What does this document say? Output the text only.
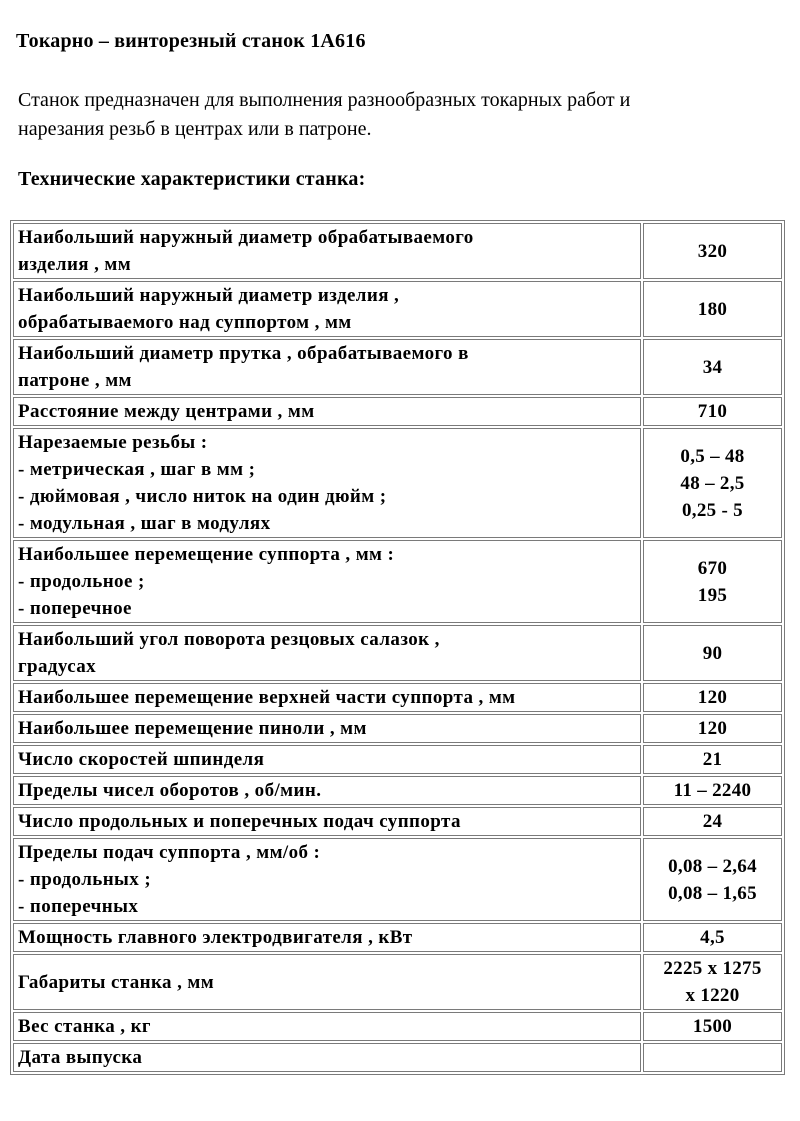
Токарно – винторезный станок 1А616
Станок предназначен для выполнения разнообразных токарных работ и
нарезания резьб в центрах или в патроне.
Технические характеристики станка:
Наибольший наружный диаметр обрабатываемого
изделия , мм	320

Наибольший наружный диаметр изделия ,
обрабатываемого над суппортом , мм	180

Наибольший диаметр прутка , обрабатываемого в
патроне , мм	34

Расстояние между центрами , мм	710

Нарезаемые резьбы :
- метрическая , шаг в мм ;
- дюймовая , число ниток на один дюйм ;
- модульная , шаг в модулях	0,5 – 48
48 – 2,5
0,25 - 5

Наибольшее перемещение суппорта , мм :
- продольное ;
- поперечное	670
195

Наибольший угол поворота резцовых салазок ,
градусах	90

Наибольшее перемещение верхней части суппорта , мм	120

Наибольшее перемещение пиноли , мм	120

Число скоростей шпинделя	21

Пределы чисел оборотов , об/мин.	11 – 2240

Число продольных и поперечных подач суппорта	24

Пределы подач суппорта , мм/об :
- продольных ;
- поперечных	0,08 – 2,64
0,08 – 1,65

Мощность главного электродвигателя , кВт	4,5

Габариты станка , мм	2225 х 1275
х 1220

Вес станка , кг	1500

Дата выпуска	
